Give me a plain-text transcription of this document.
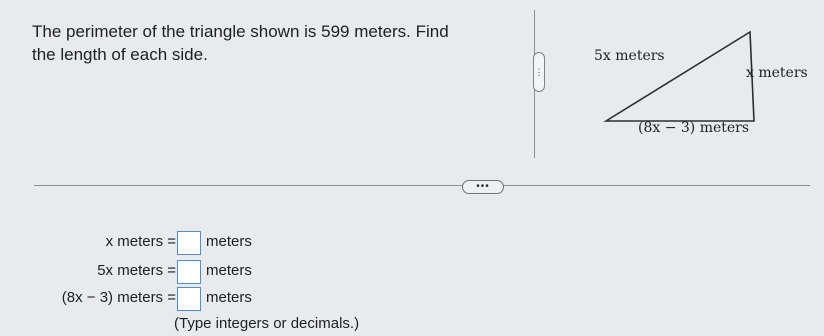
The perimeter of the triangle shown is 599 meters. Find
the length of each side.
⋮
5x meters
x meters
(8x − 3) meters
•••
x meters = meters
5x meters = meters
(8x − 3) meters = meters
(Type integers or decimals.)
